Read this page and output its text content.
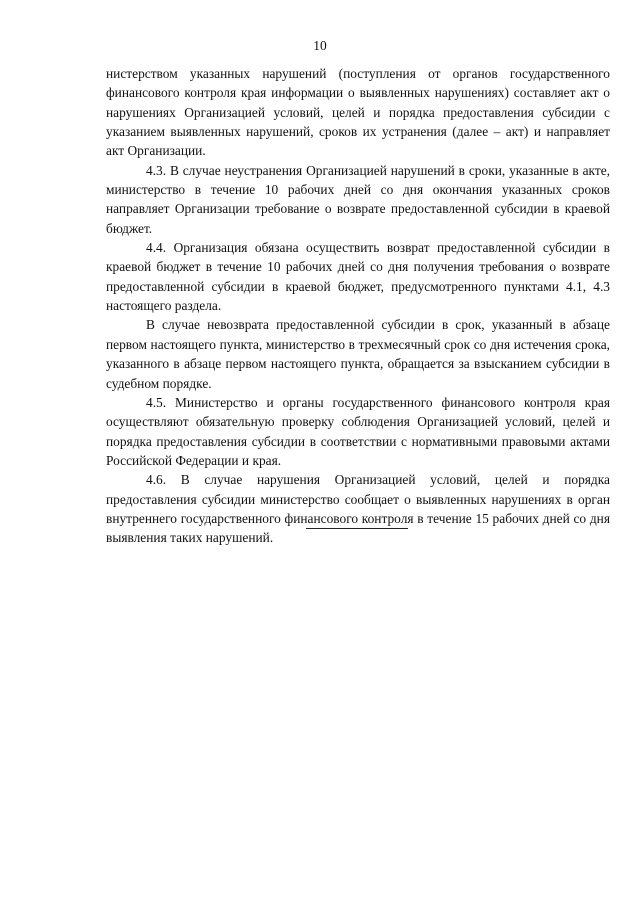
10

нистерством указанных нарушений (поступления от органов государственного финансового контроля края информации о выявленных нарушениях) составляет акт о нарушениях Организацией условий, целей и порядка предоставления субсидии с указанием выявленных нарушений, сроков их устранения (далее – акт) и направляет акт Организации.

4.3. В случае неустранения Организацией нарушений в сроки, указанные в акте, министерство в течение 10 рабочих дней со дня окончания указанных сроков направляет Организации требование о возврате предоставленной субсидии в краевой бюджет.

4.4. Организация обязана осуществить возврат предоставленной субсидии в краевой бюджет в течение 10 рабочих дней со дня получения требования о возврате предоставленной субсидии в краевой бюджет, предусмотренного пунктами 4.1, 4.3 настоящего раздела.

В случае невозврата предоставленной субсидии в срок, указанный в абзаце первом настоящего пункта, министерство в трехмесячный срок со дня истечения срока, указанного в абзаце первом настоящего пункта, обращается за взысканием субсидии в судебном порядке.

4.5. Министерство и органы государственного финансового контроля края осуществляют обязательную проверку соблюдения Организацией условий, целей и порядка предоставления субсидии в соответствии с нормативными правовыми актами Российской Федерации и края.

4.6. В случае нарушения Организацией условий, целей и порядка предоставления субсидии министерство сообщает о выявленных нарушениях в орган внутреннего государственного финансового контроля в течение 15 рабочих дней со дня выявления таких нарушений.
